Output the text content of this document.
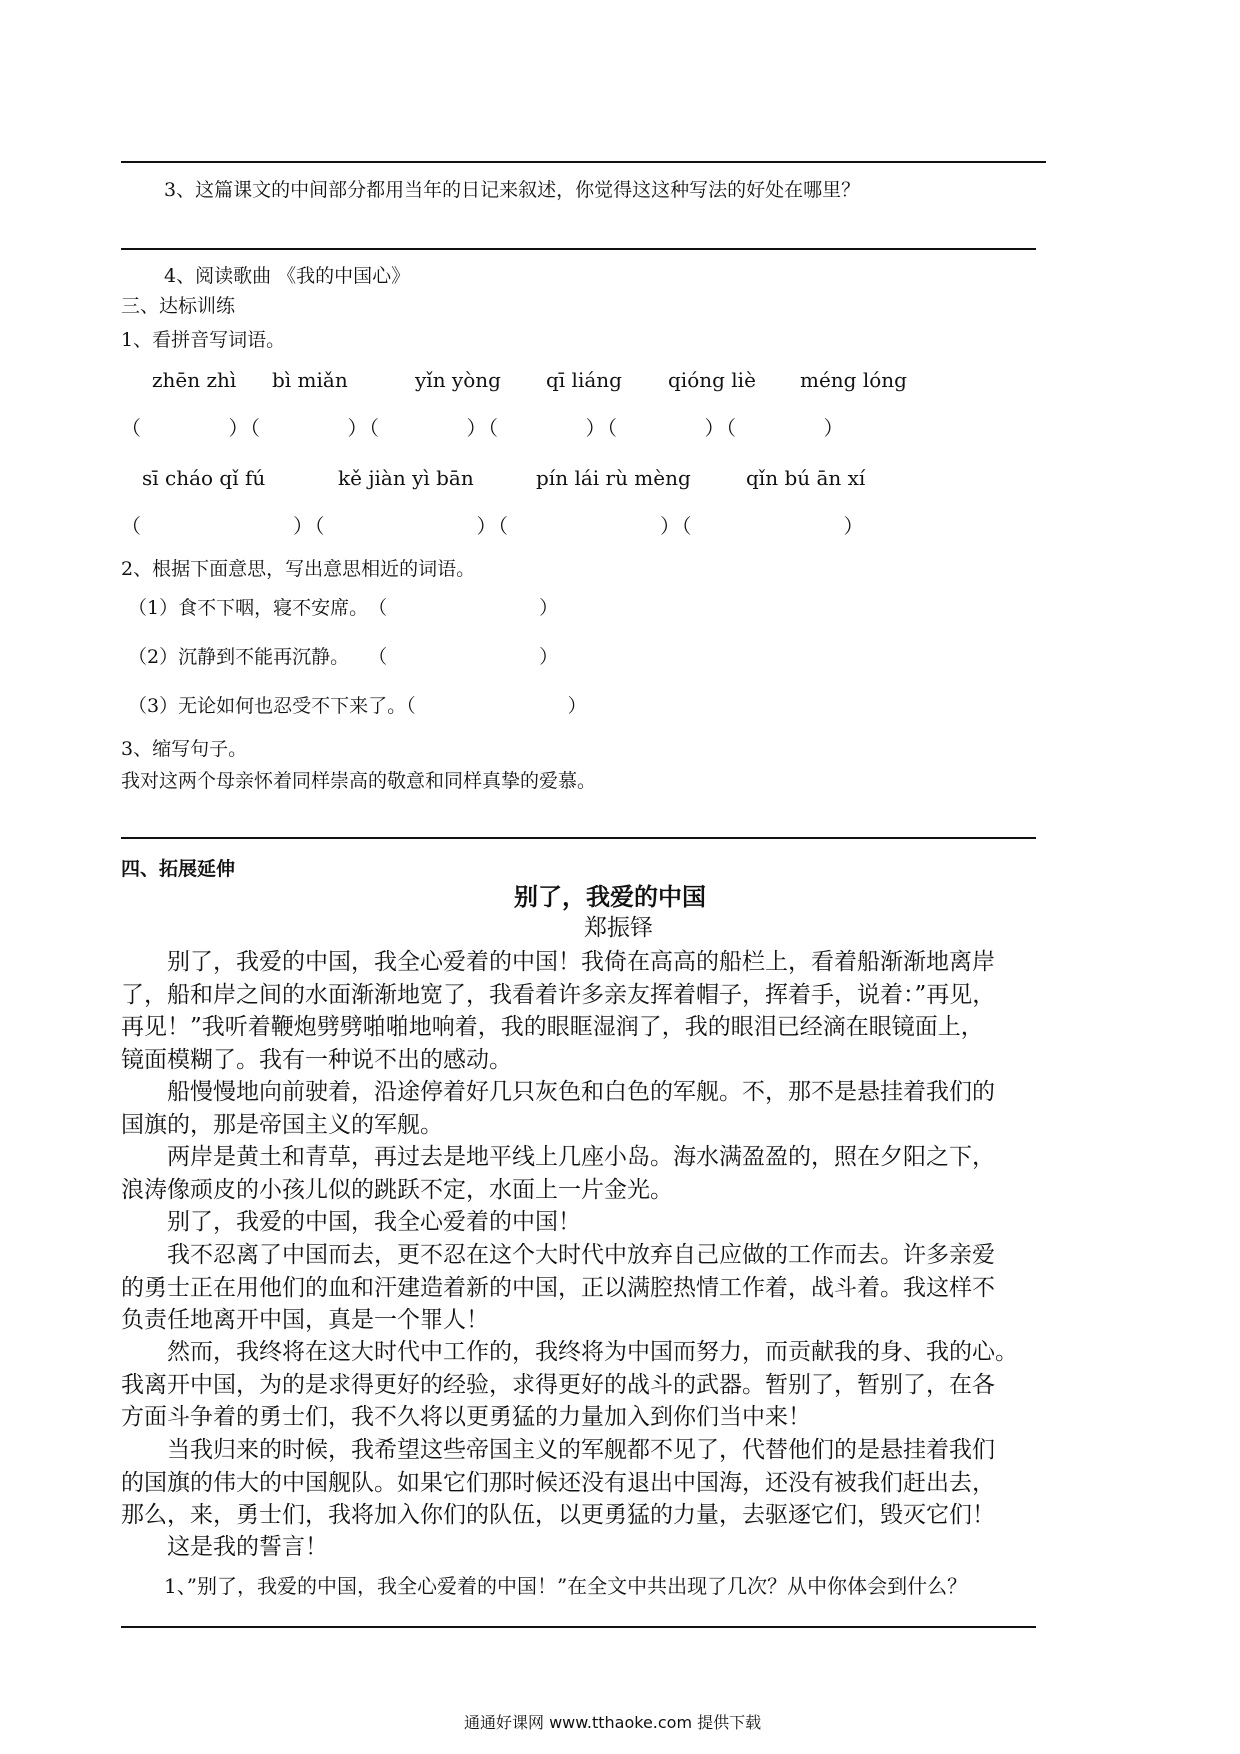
3、这篇课文的中间部分都用当年的日记来叙述，你觉得这这种写法的好处在哪里？
4、阅读歌曲 《我的中国心》
三、达标训练
1、看拼音写词语。
zhēn zhì bì miǎn	yǐn yòng qī liáng qióng liè méng lóng
（　　　　）（　　　　）（　　　　）（　　　　）（　　　　）（　　　　）
sī cháo qǐ fú	kě jiàn yì bān	pín lái rù mèng	qǐn bú ān xí
（　　　　　　　）（　　　　　　　）（　　　　　　　）（　　　　　　　）
2、根据下面意思，写出意思相近的词语。
（1）食不下咽，寝不安席。　（　　　　　　　　）
（2）沉静到不能再沉静。　　（　　　　　　　　）
（3）无论如何也忍受不下来了。（　　　　　　　　）
3、缩写句子。
我对这两个母亲怀着同样崇高的敬意和同样真挚的爱慕。
四、拓展延伸
别了，我爱的中国
郑振铎
　　别了，我爱的中国，我全心爱着的中国！我倚在高高的船栏上，看着船渐渐地离岸
了，船和岸之间的水面渐渐地宽了，我看着许多亲友挥着帽子，挥着手，说着：”再见，
再见！”我听着鞭炮劈劈啪啪地响着，我的眼眶湿润了，我的眼泪已经滴在眼镜面上，
镜面模糊了。我有一种说不出的感动。
　　船慢慢地向前驶着，沿途停着好几只灰色和白色的军舰。不，那不是悬挂着我们的
国旗的，那是帝国主义的军舰。
　　两岸是黄土和青草，再过去是地平线上几座小岛。海水满盈盈的，照在夕阳之下，
浪涛像顽皮的小孩儿似的跳跃不定，水面上一片金光。
　　别了，我爱的中国，我全心爱着的中国！
　　我不忍离了中国而去，更不忍在这个大时代中放弃自己应做的工作而去。许多亲爱
的勇士正在用他们的血和汗建造着新的中国，正以满腔热情工作着，战斗着。我这样不
负责任地离开中国，真是一个罪人！
　　然而，我终将在这大时代中工作的，我终将为中国而努力，而贡献我的身、我的心。
我离开中国，为的是求得更好的经验，求得更好的战斗的武器。暂别了，暂别了，在各
方面斗争着的勇士们，我不久将以更勇猛的力量加入到你们当中来！
　　当我归来的时候，我希望这些帝国主义的军舰都不见了，代替他们的是悬挂着我们
的国旗的伟大的中国舰队。如果它们那时候还没有退出中国海，还没有被我们赶出去，
那么，来，勇士们，我将加入你们的队伍，以更勇猛的力量，去驱逐它们，毁灭它们！
　　这是我的誓言！
1、”别了，我爱的中国，我全心爱着的中国！”在全文中共出现了几次？从中你体会到什么？
通通好课网 www.tthaoke.com 提供下载
